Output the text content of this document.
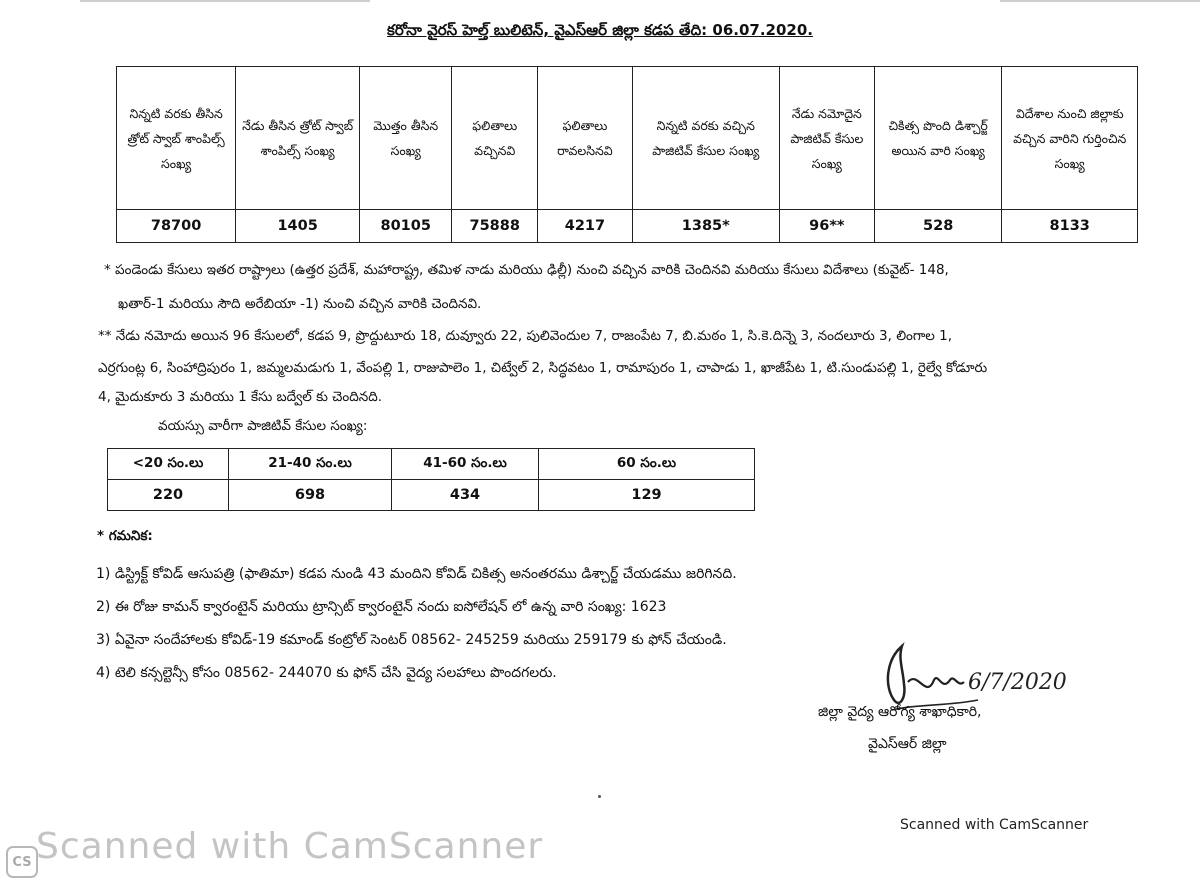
కరోనా వైరస్ హెల్త్ బులిటెన్, వైఎస్ఆర్ జిల్లా కడప తేది: 06.07.2020.
నిన్నటి వరకు తీసిన త్రోట్ స్వాబ్ శాంపిల్స్ సంఖ్య	నేడు తీసిన త్రోట్ స్వాబ్ శాంపిల్స్ సంఖ్య	మొత్తం తీసిన సంఖ్య	ఫలితాలు వచ్చినవి	ఫలితాలు రావలసినవి	నిన్నటి వరకు వచ్చిన పాజిటివ్ కేసుల సంఖ్య	నేడు నమోదైన పాజిటివ్ కేసుల సంఖ్య	చికిత్స పొంది డిశ్చార్జ్ అయిన వారి సంఖ్య	విదేశాల నుంచి జిల్లాకు వచ్చిన వారిని గుర్తించిన సంఖ్య
78700	1405	80105	75888	4217	1385*	96**	528	8133
* పండెండు కేసులు ఇతర రాష్ట్రాలు (ఉత్తర ప్రదేశ్, మహారాష్ట్ర, తమిళ నాడు మరియు ఢిల్లీ) నుంచి వచ్చిన వారికి చెందినవి మరియు కేసులు విదేశాలు (కువైట్- 148,
ఖతార్-1 మరియు సౌది అరేబియా -1) నుంచి వచ్చిన వారికి చెందినవి.
** నేడు నమోదు అయిన 96 కేసులలో, కడప 9, ప్రొద్దుటూరు 18, దువ్వూరు 22, పులివెందుల 7, రాజంపేట 7, బి.మఠం 1, సి.కె.దిన్నె 3, నందలూరు 3, లింగాల 1,
ఎర్రగుంట్ల 6, సింహాద్రిపురం 1, జమ్మలమడుగు 1, వేంపల్లి 1, రాజుపాలెం 1, చిట్వేల్ 2, సిద్ధవటం 1, రామాపురం 1, చాపాడు 1, ఖాజీపేట 1, టి.సుండుపల్లి 1, రైల్వే కోడూరు
4, మైదుకూరు 3 మరియు 1 కేసు బద్వేల్ కు చెందినది.
వయస్సు వారీగా పాజిటివ్ కేసుల సంఖ్య:
<20 సం.లు	21-40 సం.లు	41-60 సం.లు	60 సం.లు
220	698	434	129
* గమనిక:
1) డిస్ట్రిక్ట్ కోవిడ్ ఆసుపత్రి (ఫాతిమా) కడప నుండి 43 మందిని కోవిడ్ చికిత్స అనంతరము డిశ్చార్జ్ చేయడము జరిగినది.
2) ఈ రోజు కామన్ క్వారంటైన్ మరియు ట్రాన్సిట్ క్వారంటైన్ నందు ఐసోలేషన్ లో ఉన్న వారి సంఖ్య: 1623
3) ఏవైనా సందేహాలకు కోవిడ్-19 కమాండ్ కంట్రోల్ సెంటర్ 08562- 245259 మరియు 259179 కు ఫోన్ చేయండి.
4) టెలి కన్సల్టెన్సీ కోసం 08562- 244070 కు ఫోన్ చేసి వైద్య సలహాలు పొందగలరు.	6/7/2020
జిల్లా వైద్య ఆరోగ్య శాఖాధికారి,
వైఎస్ఆర్ జిల్లా
Scanned with CamScanner
CS Scanned with CamScanner
